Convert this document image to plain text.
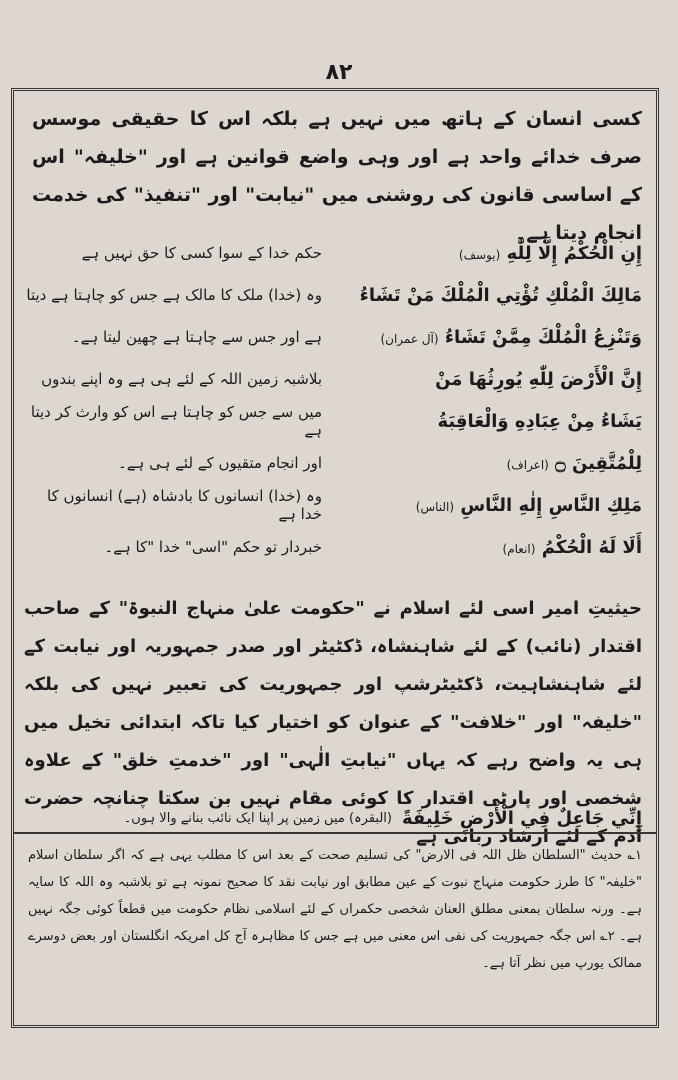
۸۲
کسی انسان کے ہاتھ میں نہیں ہے بلکہ اس کا حقیقی موسس صرف خدائے واحد ہے اور وہی واضع قوانین ہے اور "خلیفہ" اس کے اساسی قانون کی روشنی میں "نیابت" اور "تنفیذ" کی خدمت انجام دیتا ہے۔
إِنِ الْحُكْمُ إِلَّا لِلّٰهِ (یوسف)
حکم خدا کے سوا کسی کا حق نہیں ہے
مَالِكَ الْمُلْكِ تُؤْتِي الْمُلْكَ مَنْ تَشَاءُ
وہ (خدا) ملک کا مالک ہے جس کو چاہتا ہے دیتا
وَتَنْزِعُ الْمُلْكَ مِمَّنْ تَشَاءُ (آل عمران)
ہے اور جس سے چاہتا ہے چھین لیتا ہے۔
إِنَّ الْأَرْضَ لِلّٰهِ يُورِثُهَا مَنْ
بلاشبہ زمین اللہ کے لئے ہی ہے وہ اپنے بندوں
يَشَاءُ مِنْ عِبَادِهِ وَالْعَاقِبَةُ
میں سے جس کو چاہتا ہے اس کو وارث کر دیتا ہے
لِلْمُتَّقِينَ ۝ (اعراف)
اور انجام متقیوں کے لئے ہی ہے۔
مَلِكِ النَّاسِ إِلٰهِ النَّاسِ (الناس)
وہ (خدا) انسانوں کا بادشاہ (ہے) انسانوں کا خدا ہے
أَلَا لَهُ الْحُكْمُ (انعام)
خبردار تو حکم "اسی" خدا "کا ہے۔
حیثیتِ امیر اسی لئے اسلام نے "حکومت علیٰ منہاج النبوۃ" کے صاحب اقتدار (نائب) کے لئے شاہنشاہ، ڈکٹیٹر اور صدر جمہوریہ اور نیابت کے لئے شاہنشاہیت، ڈکٹیٹرشپ اور جمہوریت کی تعبیر نہیں کی بلکہ "خلیفہ" اور "خلافت" کے عنوان کو اختیار کیا تاکہ ابتدائی تخیل میں ہی یہ واضح رہے کہ یہاں "نیابتِ الٰہی" اور "خدمتِ خلق" کے علاوہ شخصی اور پارٹی اقتدار کا کوئی مقام نہیں بن سکتا چنانچہ حضرت آدم کے لئے ارشاد ربانی ہے
إِنِّي جَاعِلٌ فِي الْأَرْضِ خَلِيفَةً
(البقرہ) میں زمین پر اپنا ایک نائب بنانے والا ہوں۔
۱؎ حدیث "السلطان ظل اللہ فی الارض" کی تسلیم صحت کے بعد اس کا مطلب یہی ہے کہ اگر سلطان اسلام "خلیفہ" کا طرز حکومت منہاج نبوت کے عین مطابق اور نیابت نقد کا صحیح نمونہ ہے تو بلاشبہ وہ اللہ کا سایہ ہے۔ ورنہ سلطان بمعنی مطلق العنان شخصی حکمراں کے لئے اسلامی نظام حکومت میں قطعاً کوئی جگہ نہیں ہے۔ ۲؎ اس جگہ جمہوریت کی نفی اس معنی میں ہے جس کا مظاہرہ آج کل امریکہ انگلستان اور بعض دوسرے ممالک یورپ میں نظر آتا ہے۔
